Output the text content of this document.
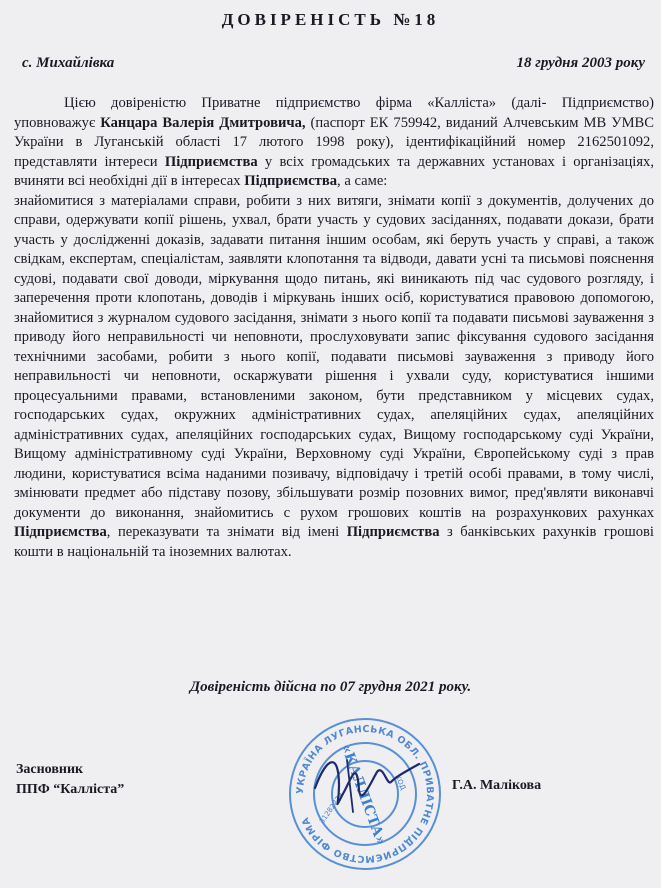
ДОВІРЕНІСТЬ №18
с. Михайлівка	18 грудня 2003 року

Цією довіреністю Приватне підприємство фірма «Калліста» (далі- Підприємство) уповноважує Канцара Валерія Дмитровича, (паспорт ЕК 759942, виданий Алчевським МВ УМВС України в Луганській області 17 лютого 1998 року), ідентифікаційний номер 2162501092, представляти інтереси Підприємства у всіх громадських та державних установах і організаціях, вчиняти всі необхідні дії в інтересах Підприємства, а саме:

знайомитися з матеріалами справи, робити з них витяги, знімати копії з документів, долучених до справи, одержувати копії рішень, ухвал, брати участь у судових засіданнях, подавати докази, брати участь у дослідженні доказів, задавати питання іншим особам, які беруть участь у справі, а також свідкам, експертам, спеціалістам, заявляти клопотання та відводи, давати усні та письмові пояснення судові, подавати свої доводи, міркування щодо питань, які виникають під час судового розгляду, і заперечення проти клопотань, доводів і міркувань інших осіб, користуватися правовою допомогою, знайомитися з журналом судового засідання, знімати з нього копії та подавати письмові зауваження з приводу його неправильності чи неповноти, прослуховувати запис фіксування судового засідання технічними засобами, робити з нього копії, подавати письмові зауваження з приводу його неправильності чи неповноти, оскаржувати рішення і ухвали суду, користуватися іншими процесуальними правами, встановленими законом, бути представником у місцевих судах, господарських судах, окружних адміністративних судах, апеляційних судах, апеляційних адміністративних судах, апеляційних господарських судах, Вищому господарському суді України, Вищому адміністративному суді України, Верховному суді України, Європейському суді з прав людини, користуватися всіма наданими позивачу, відповідачу і третій особі правами, в тому числі, змінювати предмет або підставу позову, збільшувати розмір позовних вимог, пред'являти виконавчі документи до виконання, знайомитись с рухом грошових коштів на розрахункових рахунках Підприємства, переказувати та знімати від імені Підприємства з банківських рахунків грошові кошти в національній та іноземних валютах.

Довіреність дійсна по 07 грудня 2021 року.
Засновник
ППФ “Калліста”	Г.А. Малікова
УКРАЇНА ЛУГАНСЬКА ОБЛ. ПРИВАТНЕ ПІДПРИЄМСТВО ФІРМА
КОД
31282279
«КАЛЛІСТА»
